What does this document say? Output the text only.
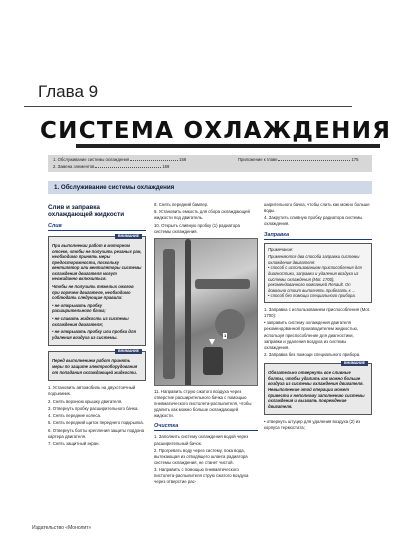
Глава 9
СИСТЕМА ОХЛАЖДЕНИЯ
1. Обслуживание системы охлаждения	156
2. Замена элементов	159
Приложение к главе	175
1. Обслуживание системы охлаждения
Слив и заправка охлаждающей жидкости
Слив
ВНИМАНИЕ

При выполнении работ в моторном отсеке, чтобы не получить резаных ран, необходимо принять меры предосторожности, поскольку вентилятор или вентиляторы системы охлаждения двигателя могут неожиданно включиться.

Чтобы не получить тяжелых ожогов при горячем двигателе, необходимо соблюдать следующие правила:

• не открывать пробку расширительного бачка;

• не сливать жидкость из системы охлаждения двигателя;

• не открывать пробку или пробки для удаления воздуха из системы.

ВНИМАНИЕ

Перед выполнением работ принять меры по защите электрооборудования от попадания охлаждающей жидкости.

1. Установить автомобиль на двухстоечный подъемник.

2. Снять верхнюю крышку двигателя.

3. Отвернуть пробку расширительного бачка.

4. Снять передние колеса.

5. Снять передний щиток переднего подкрылка.

6. Отвернуть болты крепления защиты поддона картера двигателя.

7. Снять защитный экран.

8. Снять передний бампер.

9. Установить емкость для сбора охлаждающей жидкости под двигатель.

10. Открыть сливную пробку (1) радиатора системы охлаждения.

1

11. Направить струю сжатого воздуха через отверстие расширительного бачка с помощью пневматического пистолета-распылителя, чтобы удалить как можно больше охлаждающей жидкости.

Очистка

1. Заполнить систему охлаждения водой через расширительный бачок.

2. Прогревать воду через систему, пока вода, вытекающая из отводящего шланга радиатора системы охлаждения, не станет чистой.

3. Направить с помощью пневматического пистолета-распылителя струю сжатого воздуха через отверстие рас-

ширительного бачка, чтобы слить как можно больше воды.

4. Закрутить сливную пробку радиатора системы охлаждения.

Заправка
Примечание:

Применяются два способа заправки системы охлаждения двигателя:

• способ с использованием приспособления для диагностики, заправки и удаления воздуха из системы охлаждения (Mot. 1700), рекомендованного компанией Renault. On довольно стоит выполнять прибегать к ...

• способ без помощи специального прибора.

1. Заправка с использованием приспособления (Mot. 1700):

• заправить систему охлаждения двигателя рекомендованной производителем жидкостью, используя приспособление для диагностики, заправки и удаления воздуха из системы охлаждения.

2. Заправка без помощи специального прибора.

ВНИМАНИЕ

Обязательно отвернуть все сливные болты, чтобы удалить как можно больше воздуха из системы охлаждения двигателя. Невыполнение этой операции может привести к неполному заполнению системы охлаждения и вызвать повреждение двигателя.

• отвернуть штуцер для удаления воздуха (2) из корпуса термостата;

Издательство «Монолит»
